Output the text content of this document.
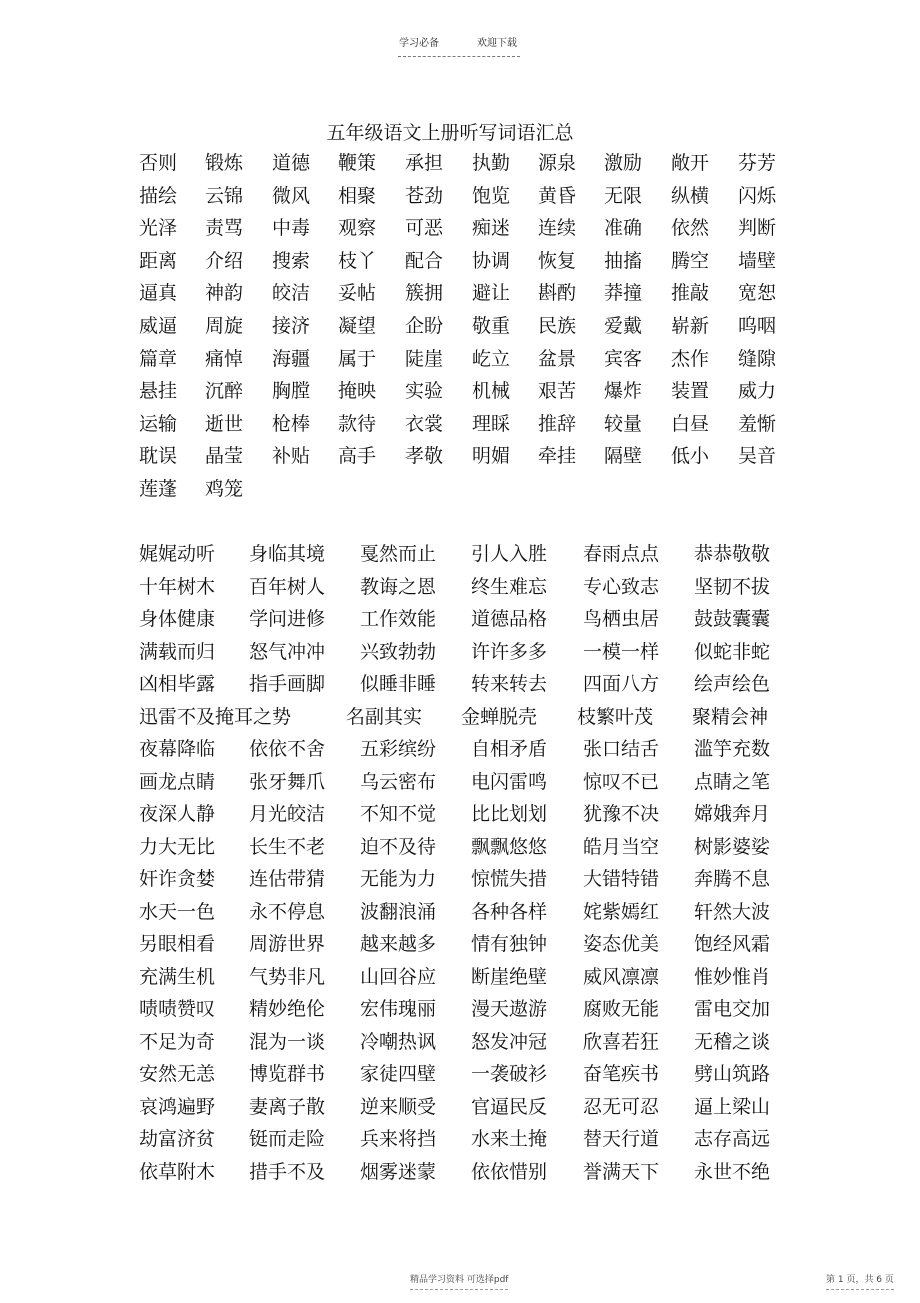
学习必备	欢迎下载
五年级语文上册听写词语汇总
否则 锻炼 道德 鞭策 承担 执勤 源泉 激励 敞开 芬芳
描绘 云锦 微风 相聚 苍劲 饱览 黄昏 无限 纵横 闪烁
光泽 责骂 中毒 观察 可恶 痴迷 连续 准确 依然 判断
距离 介绍 搜索 枝丫 配合 协调 恢复 抽搐 腾空 墙壁
逼真 神韵 皎洁 妥帖 簇拥 避让 斟酌 莽撞 推敲 宽恕
威逼 周旋 接济 凝望 企盼 敬重 民族 爱戴 崭新 呜咽
篇章 痛悼 海疆 属于 陡崖 屹立 盆景 宾客 杰作 缝隙
悬挂 沉醉 胸膛 掩映 实验 机械 艰苦 爆炸 装置 威力
运输 逝世 枪棒 款待 衣裳 理睬 推辞 较量 白昼 羞惭
耽误 晶莹 补贴 高手 孝敬 明媚 牵挂 隔壁 低小 吴音
莲蓬 鸡笼
娓娓动听 身临其境 戛然而止 引人入胜 春雨点点 恭恭敬敬
十年树木 百年树人 教诲之恩 终生难忘 专心致志 坚韧不拔
身体健康 学问进修 工作效能 道德品格 鸟栖虫居 鼓鼓囊囊
满载而归 怒气冲冲 兴致勃勃 许许多多 一模一样 似蛇非蛇
凶相毕露 指手画脚 似睡非睡 转来转去 四面八方 绘声绘色
迅雷不及掩耳之势	名副其实 金蝉脱壳 枝繁叶茂 聚精会神
夜幕降临 依依不舍 五彩缤纷 自相矛盾 张口结舌 滥竽充数
画龙点睛 张牙舞爪 乌云密布 电闪雷鸣 惊叹不已 点睛之笔
夜深人静 月光皎洁 不知不觉 比比划划 犹豫不决 嫦娥奔月
力大无比 长生不老 迫不及待 飘飘悠悠 皓月当空 树影婆娑
奸诈贪婪 连估带猜 无能为力 惊慌失措 大错特错 奔腾不息
水天一色 永不停息 波翻浪涌 各种各样 姹紫嫣红 轩然大波
另眼相看 周游世界 越来越多 情有独钟 姿态优美 饱经风霜
充满生机 气势非凡 山回谷应 断崖绝壁 威风凛凛 惟妙惟肖
啧啧赞叹 精妙绝伦 宏伟瑰丽 漫天遨游 腐败无能 雷电交加
不足为奇 混为一谈 冷嘲热讽 怒发冲冠 欣喜若狂 无稽之谈
安然无恙 博览群书 家徒四壁 一袭破衫 奋笔疾书 劈山筑路
哀鸿遍野 妻离子散 逆来顺受 官逼民反 忍无可忍 逼上梁山
劫富济贫 铤而走险 兵来将挡 水来土掩 替天行道 志存高远
依草附木 措手不及 烟雾迷蒙 依依惜别 誉满天下 永世不绝
精品学习资料 可选择pdf	第 1 页，共 6 页
